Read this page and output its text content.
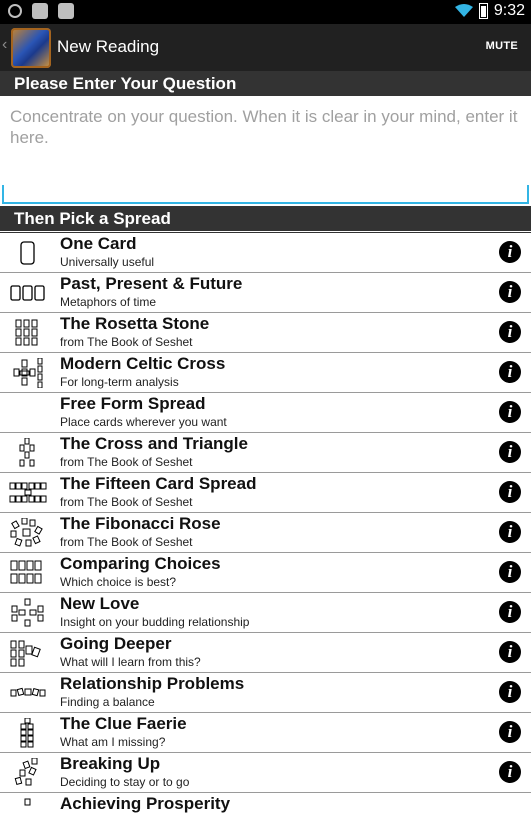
9:32
‹	New Reading	MUTE
Please Enter Your Question
Concentrate on your question. When it is clear in your mind, enter it here.
Then Pick a Spread
One Card
Universally useful
i
Past, Present & Future
Metaphors of time
i
The Rosetta Stone
from The Book of Seshet
i
Modern Celtic Cross
For long-term analysis
i
Free Form Spread
Place cards wherever you want
i
The Cross and Triangle
from The Book of Seshet
i
The Fifteen Card Spread
from The Book of Seshet
i
The Fibonacci Rose
from The Book of Seshet
i
Comparing Choices
Which choice is best?
i
New Love
Insight on your budding relationship
i
Going Deeper
What will I learn from this?
i
Relationship Problems
Finding a balance
i
The Clue Faerie
What am I missing?
i
Breaking Up
Deciding to stay or to go
i
Achieving Prosperity
